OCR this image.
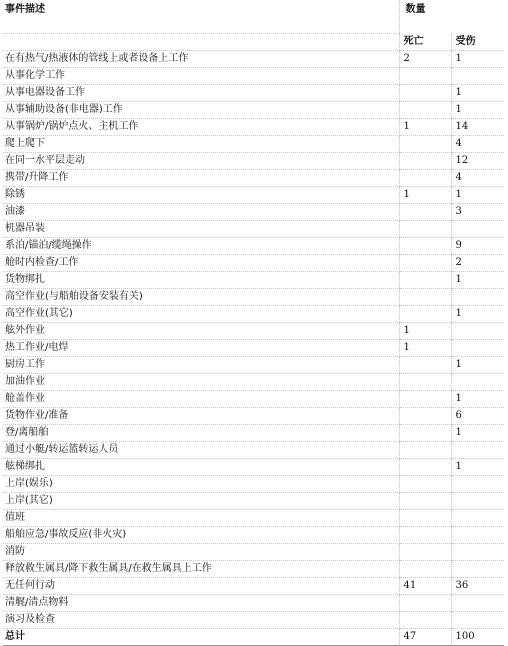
事件描述	数量	
	死亡	受伤
在有热气/热液体的管线上或者设备上工作	2	1
从事化学工作		
从事电器设备工作		1
从事辅助设备(非电器)工作		1
从事锅炉/锅炉点火、主机工作	1	14
爬上爬下		4
在同一水平层走动		12
携带/升降工作		4
除锈	1	1
油漆		3
机器吊装		
系泊/锚泊/缆绳操作		9
舱时内检查/工作		2
货物绑扎		1
高空作业(与船舶设备安装有关)		
高空作业(其它)		1
舷外作业	1	
热工作业/电焊	1	
厨房工作		1
加油作业		
舱盖作业		1
货物作业/准备		6
登/离船舶		1
通过小艇/转运篮转运人员		
舷梯绑扎		1
上岸(娱乐)		
上岸(其它)		
值班		
船舶应急/事故反应(非火灾)		
消防		
释放救生属具/降下救生属具/在救生属具上工作		
无任何行动	41	36
清艉/清点物料		
演习及检查		
总计	47	100
